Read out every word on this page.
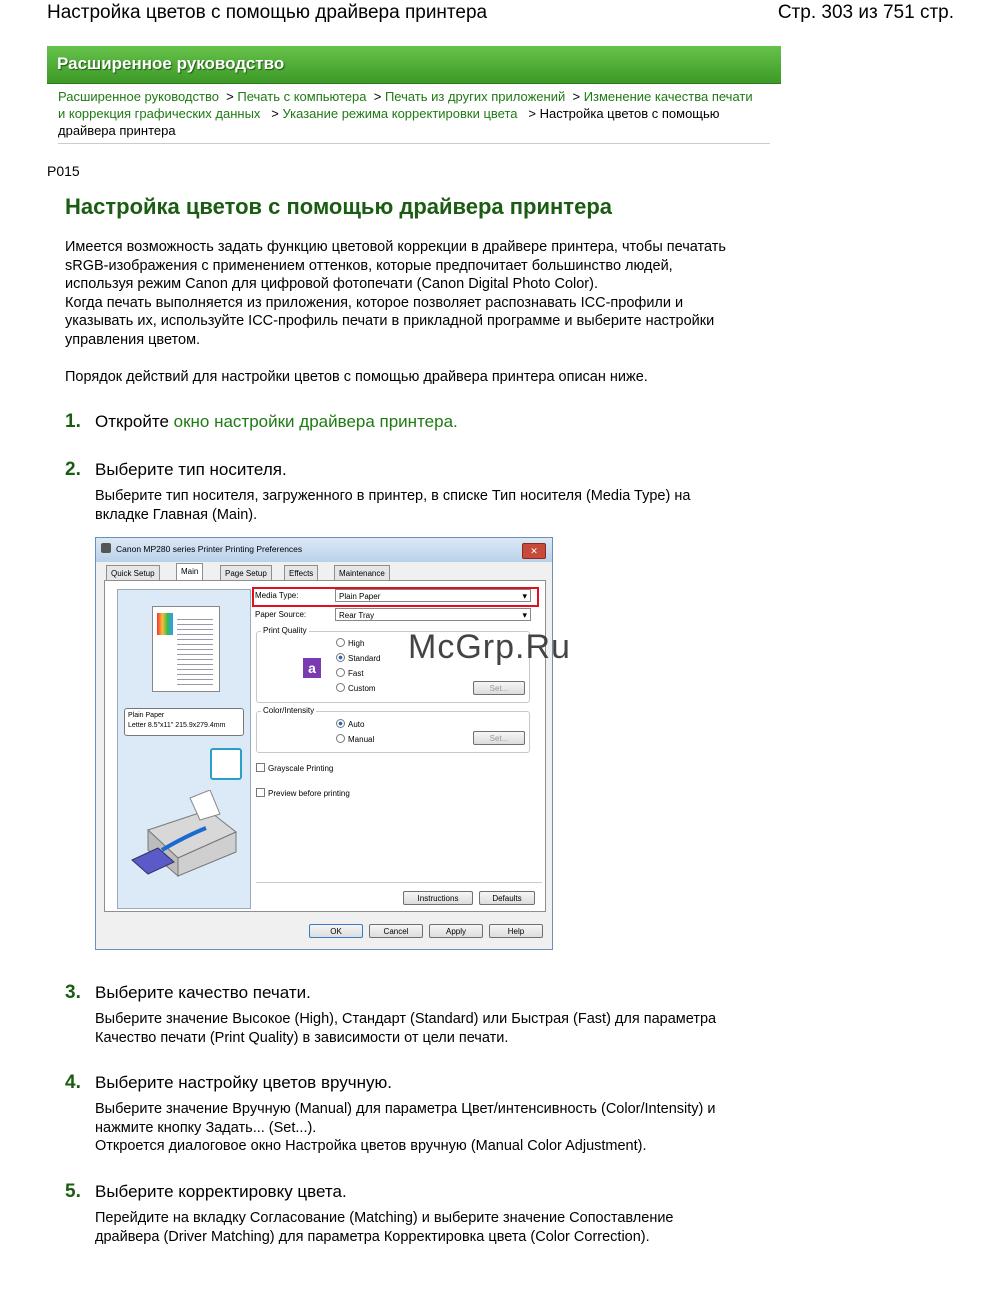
Настройка цветов с помощью драйвера принтера	Стр. 303 из 751 стр.
Расширенное руководство
Расширенное руководство  > Печать с компьютера  > Печать из других приложений  > Изменение качества печати и коррекция графических данных   > Указание режима корректировки цвета   > Настройка цветов с помощью драйвера принтера
P015
Настройка цветов с помощью драйвера принтера
Имеется возможность задать функцию цветовой коррекции в драйвере принтера, чтобы печатать
sRGB-изображения с применением оттенков, которые предпочитает большинство людей,
используя режим Canon для цифровой фотопечати (Canon Digital Photo Color).
Когда печать выполняется из приложения, которое позволяет распознавать ICC-профили и
указывать их, используйте ICC-профиль печати в прикладной программе и выберите настройки
управления цветом.
Порядок действий для настройки цветов с помощью драйвера принтера описан ниже.
1. Откройте окно настройки драйвера принтера.
2. Выберите тип носителя.
Выберите тип носителя, загруженного в принтер, в списке Тип носителя (Media Type) на
вкладке Главная (Main).
Canon MP280 series Printer Printing Preferences	✕
Quick Setup	Main	Page Setup	Effects	Maintenance
Plain Paper
Letter 8.5"x11" 215.9x279.4mm
Media Type:	Plain Paper ▾
Paper Source:	Rear Tray ▾
Print Quality
High
Standard
Fast
Custom	Set...
Color/Intensity
Auto
Manual	Set...
Grayscale Printing
Preview before printing
Instructions	Defaults
OK	Cancel	Apply	Help
a
McGrp.Ru
3. Выберите качество печати.
Выберите значение Высокое (High), Стандарт (Standard) или Быстрая (Fast) для параметра
Качество печати (Print Quality) в зависимости от цели печати.
4. Выберите настройку цветов вручную.
Выберите значение Вручную (Manual) для параметра Цвет/интенсивность (Color/Intensity) и
нажмите кнопку Задать... (Set...).
Откроется диалоговое окно Настройка цветов вручную (Manual Color Adjustment).
5. Выберите корректировку цвета.
Перейдите на вкладку Согласование (Matching) и выберите значение Сопоставление
драйвера (Driver Matching) для параметра Корректировка цвета (Color Correction).
